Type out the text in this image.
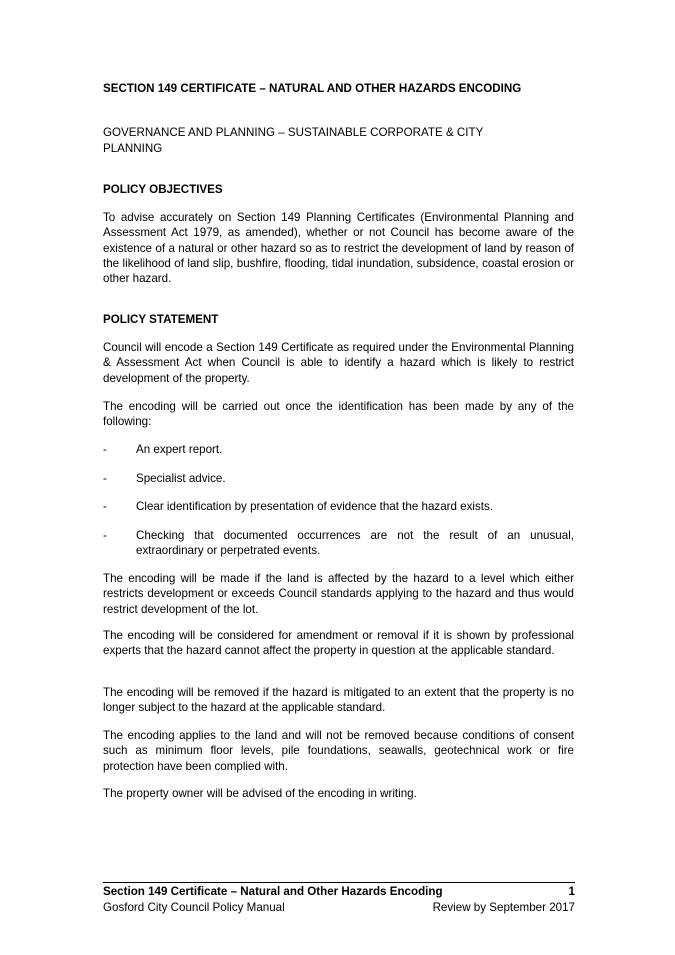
SECTION 149 CERTIFICATE – NATURAL AND OTHER HAZARDS ENCODING
GOVERNANCE AND PLANNING – SUSTAINABLE CORPORATE & CITY PLANNING
POLICY OBJECTIVES
To advise accurately on Section 149 Planning Certificates (Environmental Planning and Assessment Act 1979, as amended), whether or not Council has become aware of the existence of a natural or other hazard so as to restrict the development of land by reason of the likelihood of land slip, bushfire, flooding, tidal inundation, subsidence, coastal erosion or other hazard.
POLICY STATEMENT
Council will encode a Section 149 Certificate as required under the Environmental Planning & Assessment Act when Council is able to identify a hazard which is likely to restrict development of the property.
The encoding will be carried out once the identification has been made by any of the following:
-	An expert report.
-	Specialist advice.
-	Clear identification by presentation of evidence that the hazard exists.
-	Checking that documented occurrences are not the result of an unusual, extraordinary or perpetrated events.
The encoding will be made if the land is affected by the hazard to a level which either restricts development or exceeds Council standards applying to the hazard and thus would restrict development of the lot.
The encoding will be considered for amendment or removal if it is shown by professional experts that the hazard cannot affect the property in question at the applicable standard.
The encoding will be removed if the hazard is mitigated to an extent that the property is no longer subject to the hazard at the applicable standard.
The encoding applies to the land and will not be removed because conditions of consent such as minimum floor levels, pile foundations, seawalls, geotechnical work or fire protection have been complied with.
The property owner will be advised of the encoding in writing.
Section 149 Certificate – Natural and Other Hazards Encoding	1
Gosford City Council Policy Manual	Review by September 2017
